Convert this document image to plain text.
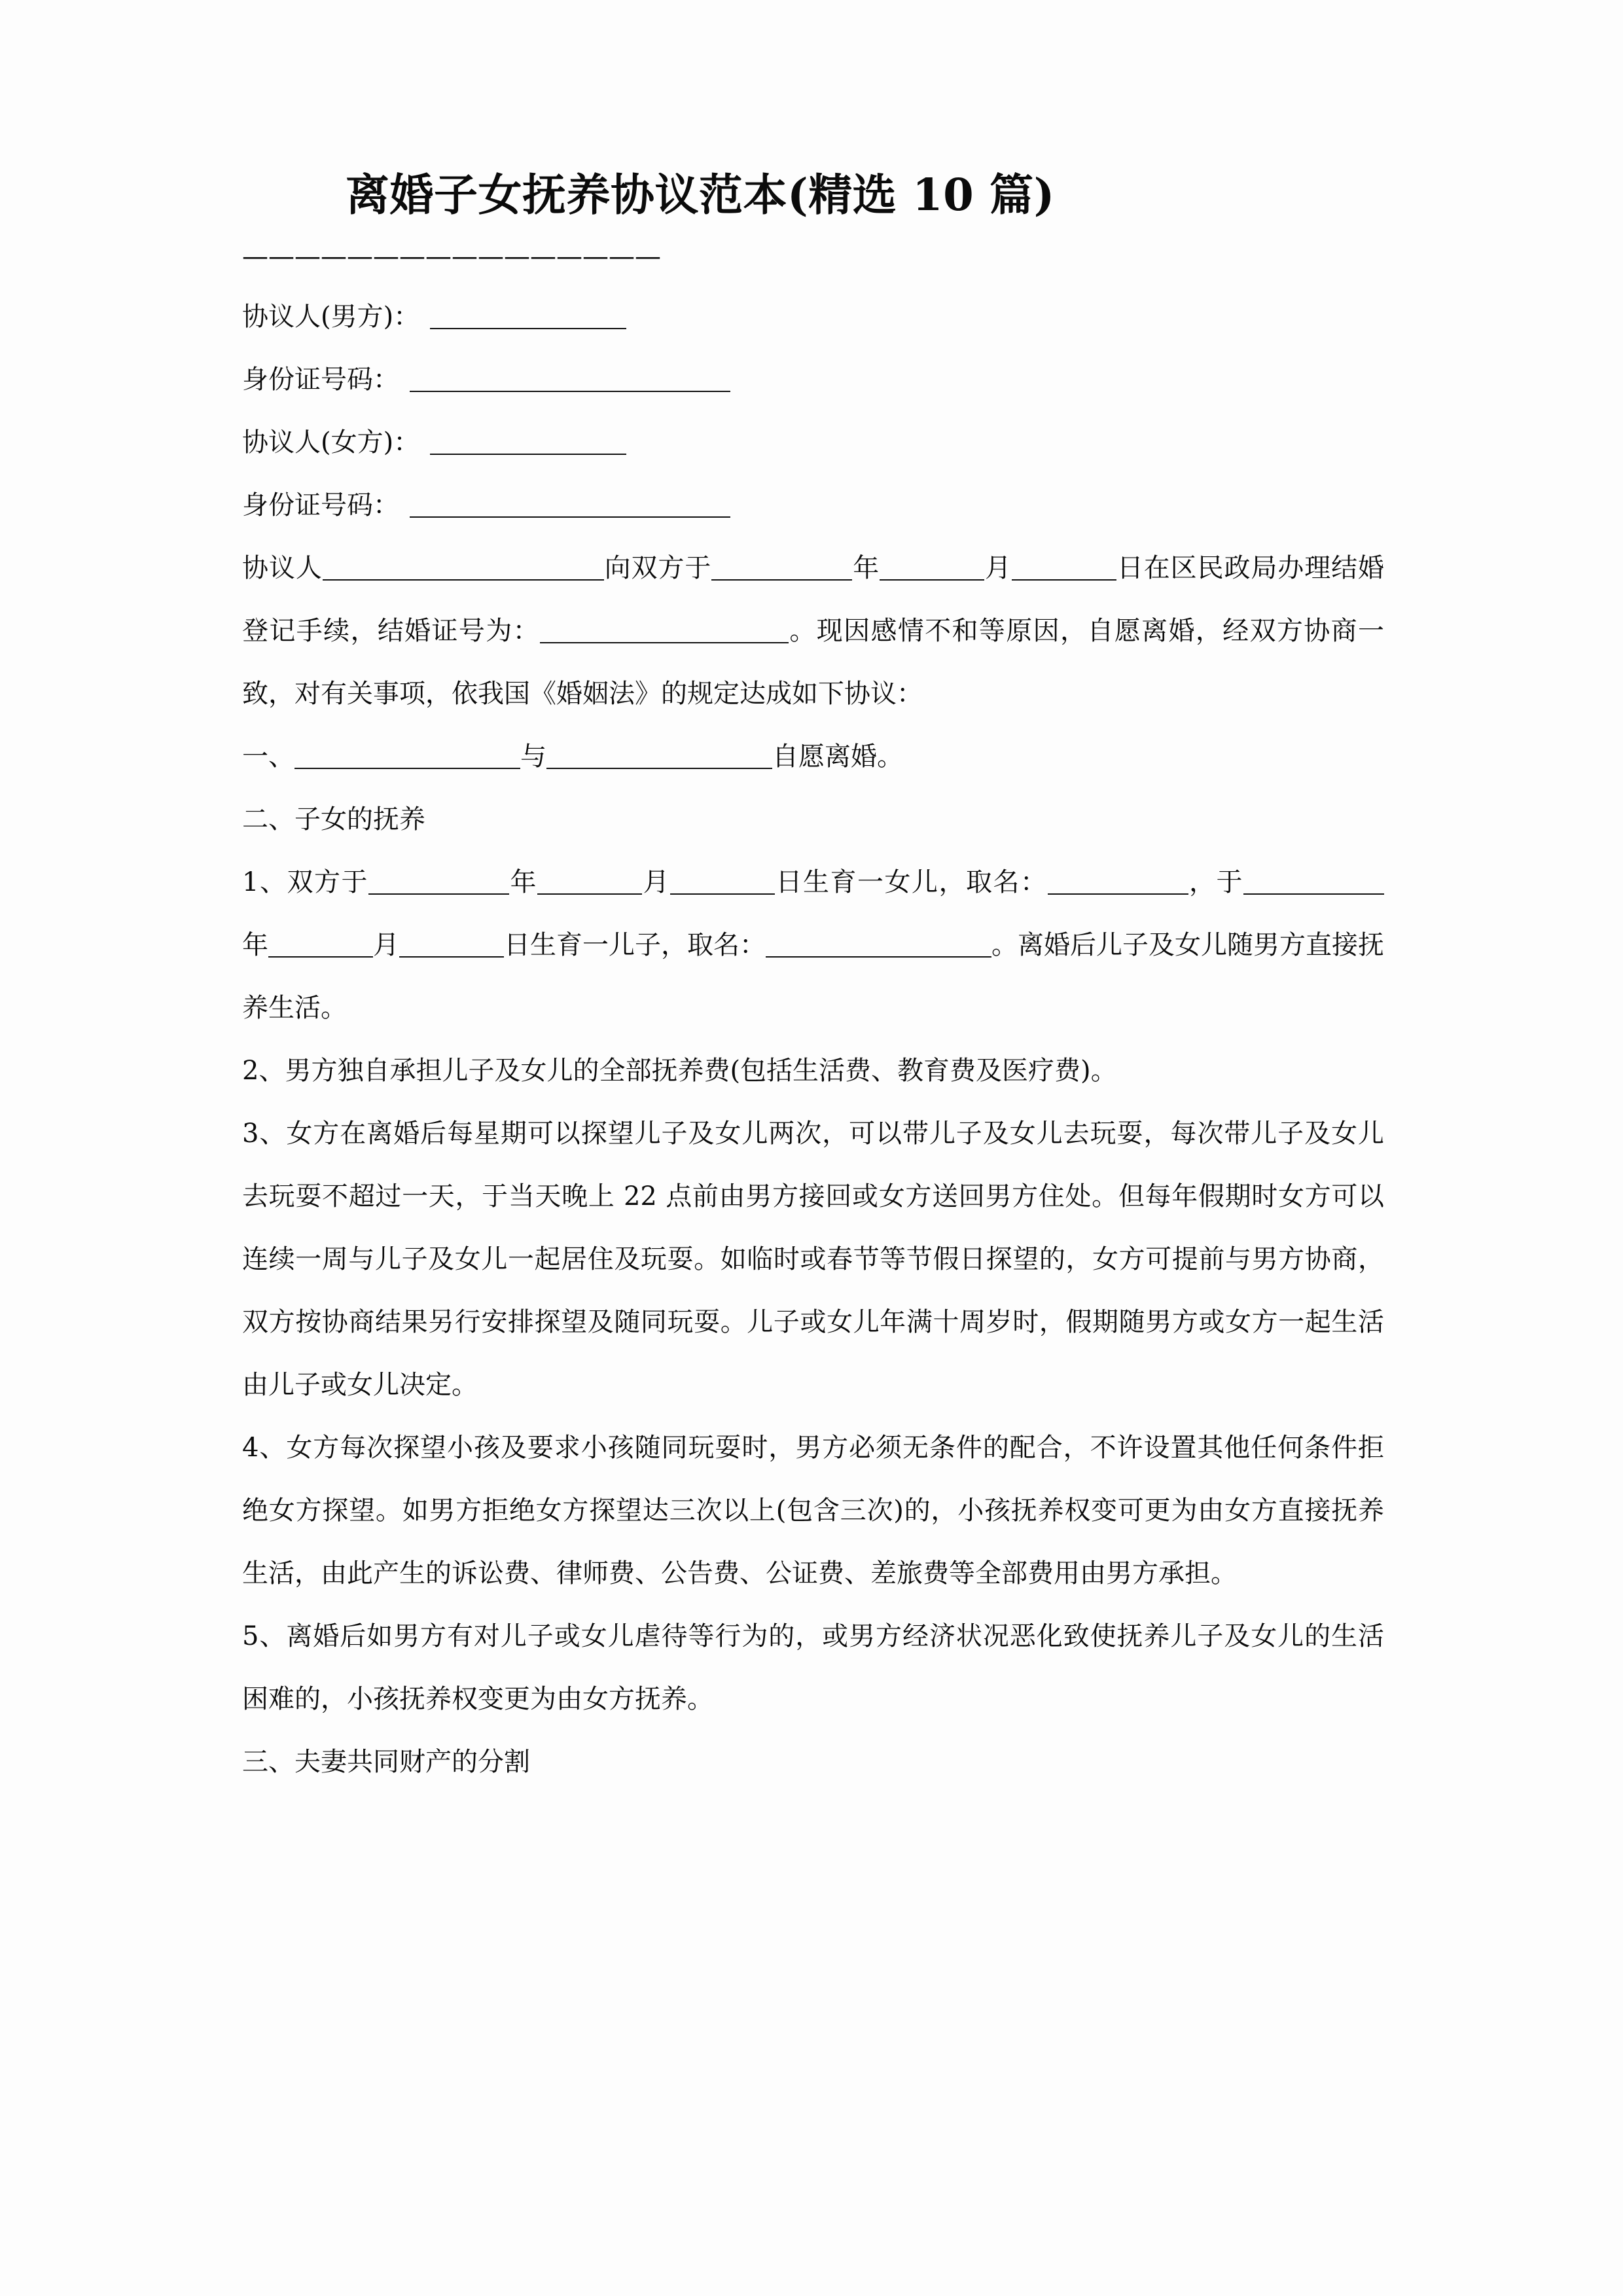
离婚子女抚养协议范本(精选 10 篇)
————————————————
协议人(男方)：
身份证号码：
协议人(女方)：
身份证号码：

协议人	向双方于	年	月	日在区民政局办理结婚登记手续，结婚证号为：	。现因感情不和等原因，自愿离婚，经双方协商一致，对有关事项，依我国《婚姻法》的规定达成如下协议：

一、	与	自愿离婚。

二、子女的抚养

1、双方于	年	月	日生育一女儿，取名：	，于年	月	日生育一儿子，取名：	。离婚后儿子及女儿随男方直接抚养生活。

2、男方独自承担儿子及女儿的全部抚养费(包括生活费、教育费及医疗费)。

3、女方在离婚后每星期可以探望儿子及女儿两次，可以带儿子及女儿去玩耍，每次带儿子及女儿去玩耍不超过一天，于当天晚上 22 点前由男方接回或女方送回男方住处。但每年假期时女方可以连续一周与儿子及女儿一起居住及玩耍。如临时或春节等节假日探望的，女方可提前与男方协商，双方按协商结果另行安排探望及随同玩耍。儿子或女儿年满十周岁时，假期随男方或女方一起生活由儿子或女儿决定。

4、女方每次探望小孩及要求小孩随同玩耍时，男方必须无条件的配合，不许设置其他任何条件拒绝女方探望。如男方拒绝女方探望达三次以上(包含三次)的，小孩抚养权变可更为由女方直接抚养生活，由此产生的诉讼费、律师费、公告费、公证费、差旅费等全部费用由男方承担。

5、离婚后如男方有对儿子或女儿虐待等行为的，或男方经济状况恶化致使抚养儿子及女儿的生活困难的，小孩抚养权变更为由女方抚养。

三、夫妻共同财产的分割
